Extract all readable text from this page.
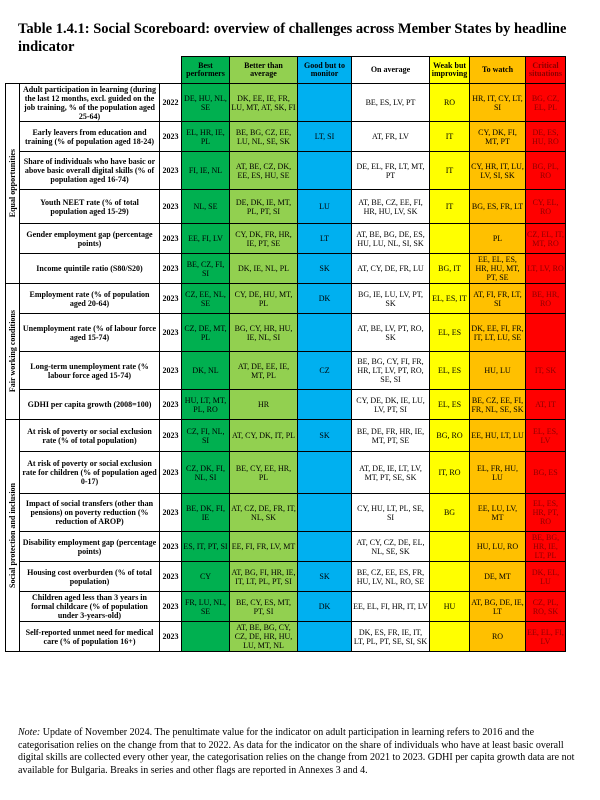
Table 1.4.1: Social Scoreboard: overview of challenges across Member States by headline indicator
			Best performers	Better than average	Good but to monitor	On average	Weak but improving	To watch	Critical situations

Equal opportunities	Adult participation in learning (during the last 12 months, excl. guided on the job training, % of the population aged 25-64)	2022	DE, HU, NL, SE	DK, EE, IE, FR, LU, MT, AT, SK, FI		BE, ES, LV, PT	RO	HR, IT, CY, LT, SI	BG, CZ, EL, PL
	Early leavers from education and training (% of population aged 18-24)	2023	EL, HR, IE, PL	BE, BG, CZ, EE, LU, NL, SE, SK	LT, SI	AT, FR, LV	IT	CY, DK, FI, MT, PT	DE, ES, HU, RO
	Share of individuals who have basic or above basic overall digital skills (% of population aged 16-74)	2023	FI, IE, NL	AT, BE, CZ, DK, EE, ES, HU, SE		DE, EL, FR, LT, MT, PT	IT	CY, HR, IT, LU, LV, SI, SK	BG, PL, RO
	Youth NEET rate (% of total population aged 15-29)	2023	NL, SE	DE, DK, IE, MT, PL, PT, SI	LU	AT, BE, CZ, EE, FI, HR, HU, LV, SK	IT	BG, ES, FR, LT	CY, EL, RO
	Gender employment gap (percentage points)	2023	EE, FI, LV	CY, DK, FR, HR, IE, PT, SE	LT	AT, BE, BG, DE, ES, HU, LU, NL, SI, SK		PL	CZ, EL, IT, MT, RO
	Income quintile ratio (S80/S20)	2023	BE, CZ, FI, SI	DK, IE, NL, PL	SK	AT, CY, DE, FR, LU	BG, IT	EE, EL, ES, HR, HU, MT, PT, SE	LT, LV, RO

Fair working conditions	Employment rate (% of population aged 20-64)	2023	CZ, EE, NL, SE	CY, DE, HU, MT, PL	DK	BG, IE, LU, LV, PT, SK	EL, ES, IT	AT, FI, FR, LT, SI	BE, HR, RO
	Unemployment rate (% of labour force aged 15-74)	2023	CZ, DE, MT, PL	BG, CY, HR, HU, IE, NL, SI		AT, BE, LV, PT, RO, SK	EL, ES	DK, EE, FI, FR, IT, LT, LU, SE	
	Long-term unemployment rate (% labour force aged 15-74)	2023	DK, NL	AT, DE, EE, IE, MT, PL	CZ	BE, BG, CY, FI, FR, HR, LT, LV, PT, RO, SE, SI	EL, ES	HU, LU	IT, SK
	GDHI per capita growth (2008=100)	2023	HU, LT, MT, PL, RO	HR		CY, DE, DK, IE, LU, LV, PT, SI	EL, ES	BE, CZ, EE, FI, FR, NL, SE, SK	AT, IT

Social protection and inclusion	At risk of poverty or social exclusion rate (% of total population)	2023	CZ, FI, NL, SI	AT, CY, DK, IT, PL	SK	BE, DE, FR, HR, IE, MT, PT, SE	BG, RO	EE, HU, LT, LU	EL, ES, LV
	At risk of poverty or social exclusion rate for children (% of population aged 0-17)	2023	CZ, DK, FI, NL, SI	BE, CY, EE, HR, PL		AT, DE, IE, LT, LV, MT, PT, SE, SK	IT, RO	EL, FR, HU, LU	BG, ES
	Impact of social transfers (other than pensions) on poverty reduction (% reduction of AROP)	2023	BE, DK, FI, IE	AT, CZ, DE, FR, IT, NL, SK		CY, HU, LT, PL, SE, SI	BG	EE, LU, LV, MT	EL, ES, HR, PT, RO
	Disability employment gap (percentage points)	2023	ES, IT, PT, SI	EE, FI, FR, LV, MT		AT, CY, CZ, DE, EL, NL, SE, SK		HU, LU, RO	BE, BG, HR, IE, LT, PL
	Housing cost overburden (% of total population)	2023	CY	AT, BG, FI, HR, IE, IT, LT, PL, PT, SI	SK	BE, CZ, EE, ES, FR, HU, LV, NL, RO, SE		DE, MT	DK, EL, LU
	Children aged less than 3 years in formal childcare (% of population under 3-years-old)	2023	FR, LU, NL, SE	BE, CY, ES, MT, PT, SI	DK	EE, EL, FI, HR, IT, LV	HU	AT, BG, DE, IE, LT	CZ, PL, RO, SK
	Self-reported unmet need for medical care (% of population 16+)	2023		AT, BE, BG, CY, CZ, DE, HR, HU, LU, MT, NL		DK, ES, FR, IE, IT, LT, PL, PT, SE, SI, SK		RO	EE, EL, FI, LV
Note: Update of November 2024. The penultimate value for the indicator on adult participation in learning refers to 2016 and the categorisation relies on the change from that to 2022. As data for the indicator on the share of individuals who have at least basic overall digital skills are collected every other year, the categorisation relies on the change from 2021 to 2023. GDHI per capita growth data are not available for Bulgaria. Breaks in series and other flags are reported in Annexes 3 and 4.
